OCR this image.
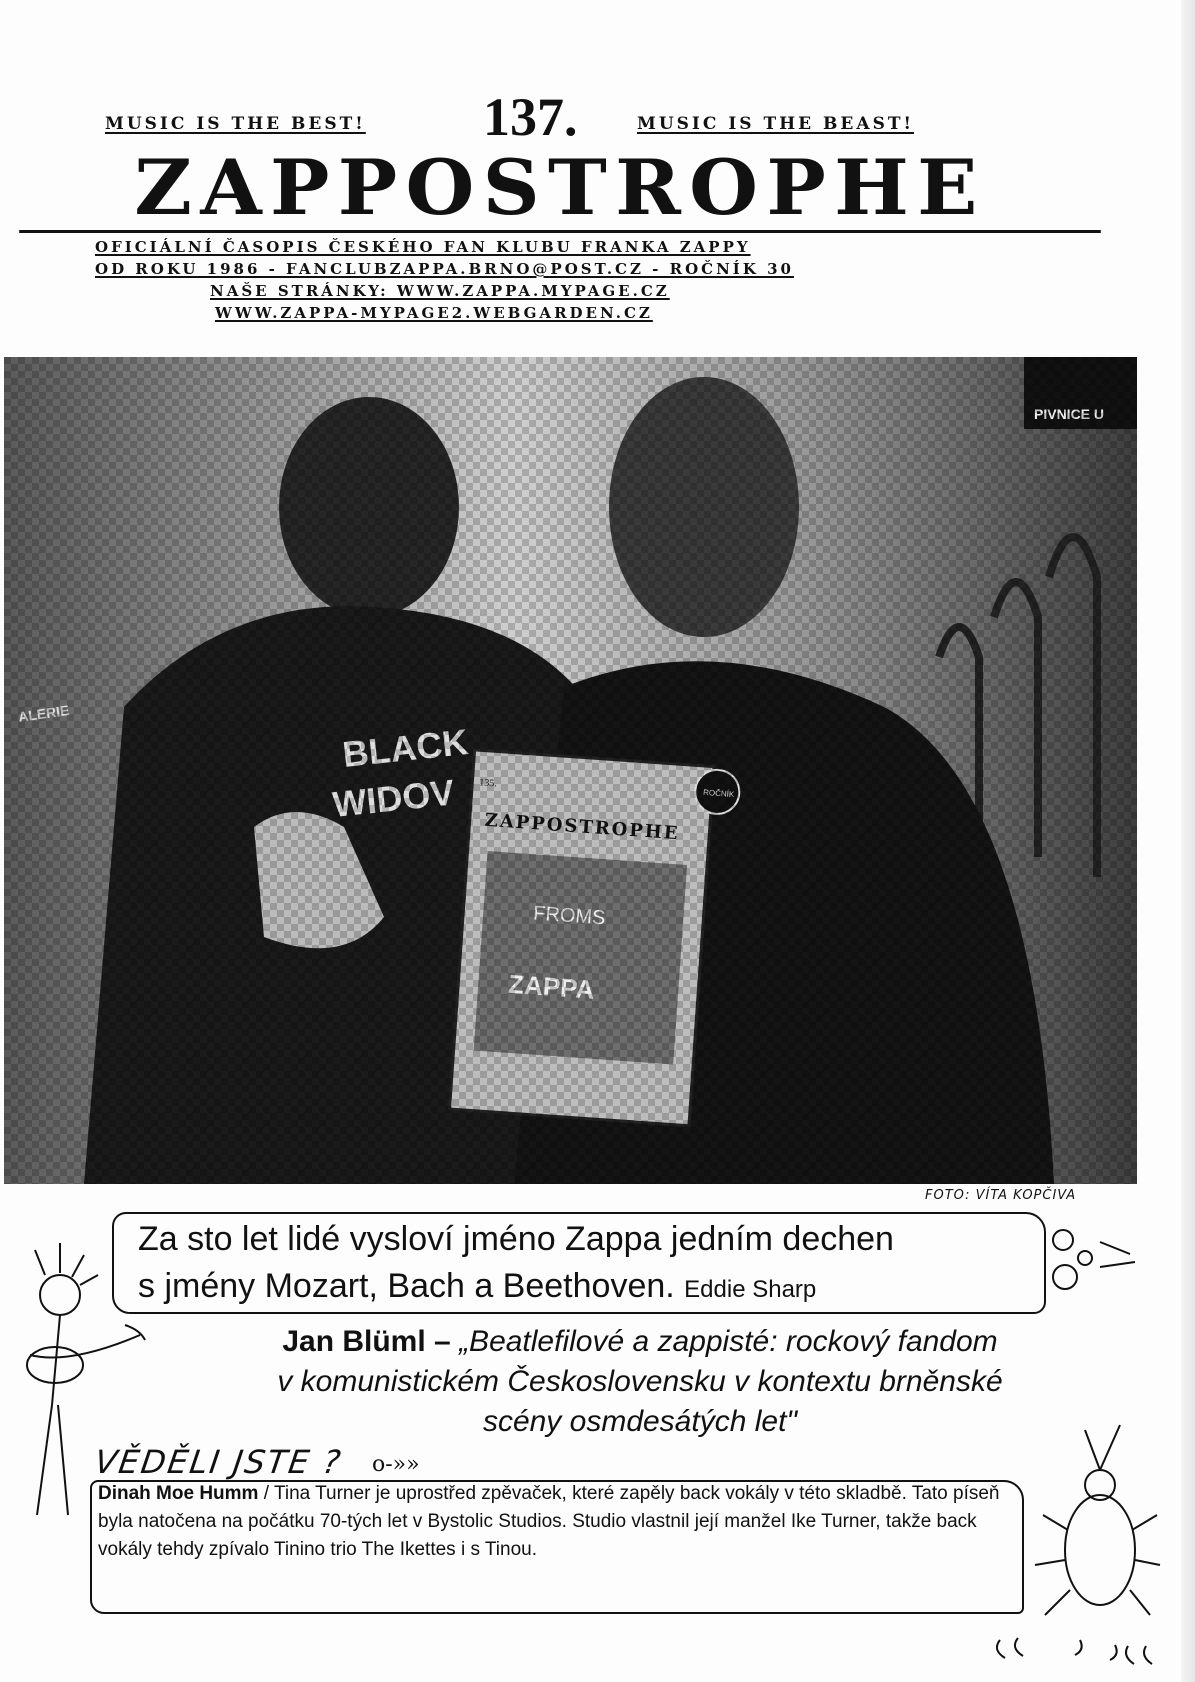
MUSIC IS THE BEST! 137.	MUSIC IS THE BEAST!
ZAPPOSTROPHE
OFICIÁLNÍ ČASOPIS ČESKÉHO FAN KLUBU FRANKA ZAPPY
OD ROKU 1986 - FANCLUBZAPPA.BRNO@POST.CZ - ROČNÍK 30
NAŠE STRÁNKY: WWW.ZAPPA.MYPAGE.CZ
WWW.ZAPPA-MYPAGE2.WEBGARDEN.CZ
FOTO: VÍTA KOPČIVA
Za sto let lidé vysloví jméno Zappa jedním dechen
s jmény Mozart, Bach a Beethoven. Eddie Sharp
Jan Blüml – „Beatlefilové a zappisté: rockový fandom
v komunistickém Československu v kontextu brněnské
scény osmdesátých let"
VĚDĚLI JSTE ? o-»»
Dinah Moe Humm / Tina Turner je uprostřed zpěvaček, které zapěly back vokály v této skladbě. Tato píseň byla natočena na počátku 70-tých let v Bystolic Studios. Studio vlastnil její manžel Ike Turner, takže back vokály tehdy zpívalo Tinino trio The Ikettes i s Tinou.
